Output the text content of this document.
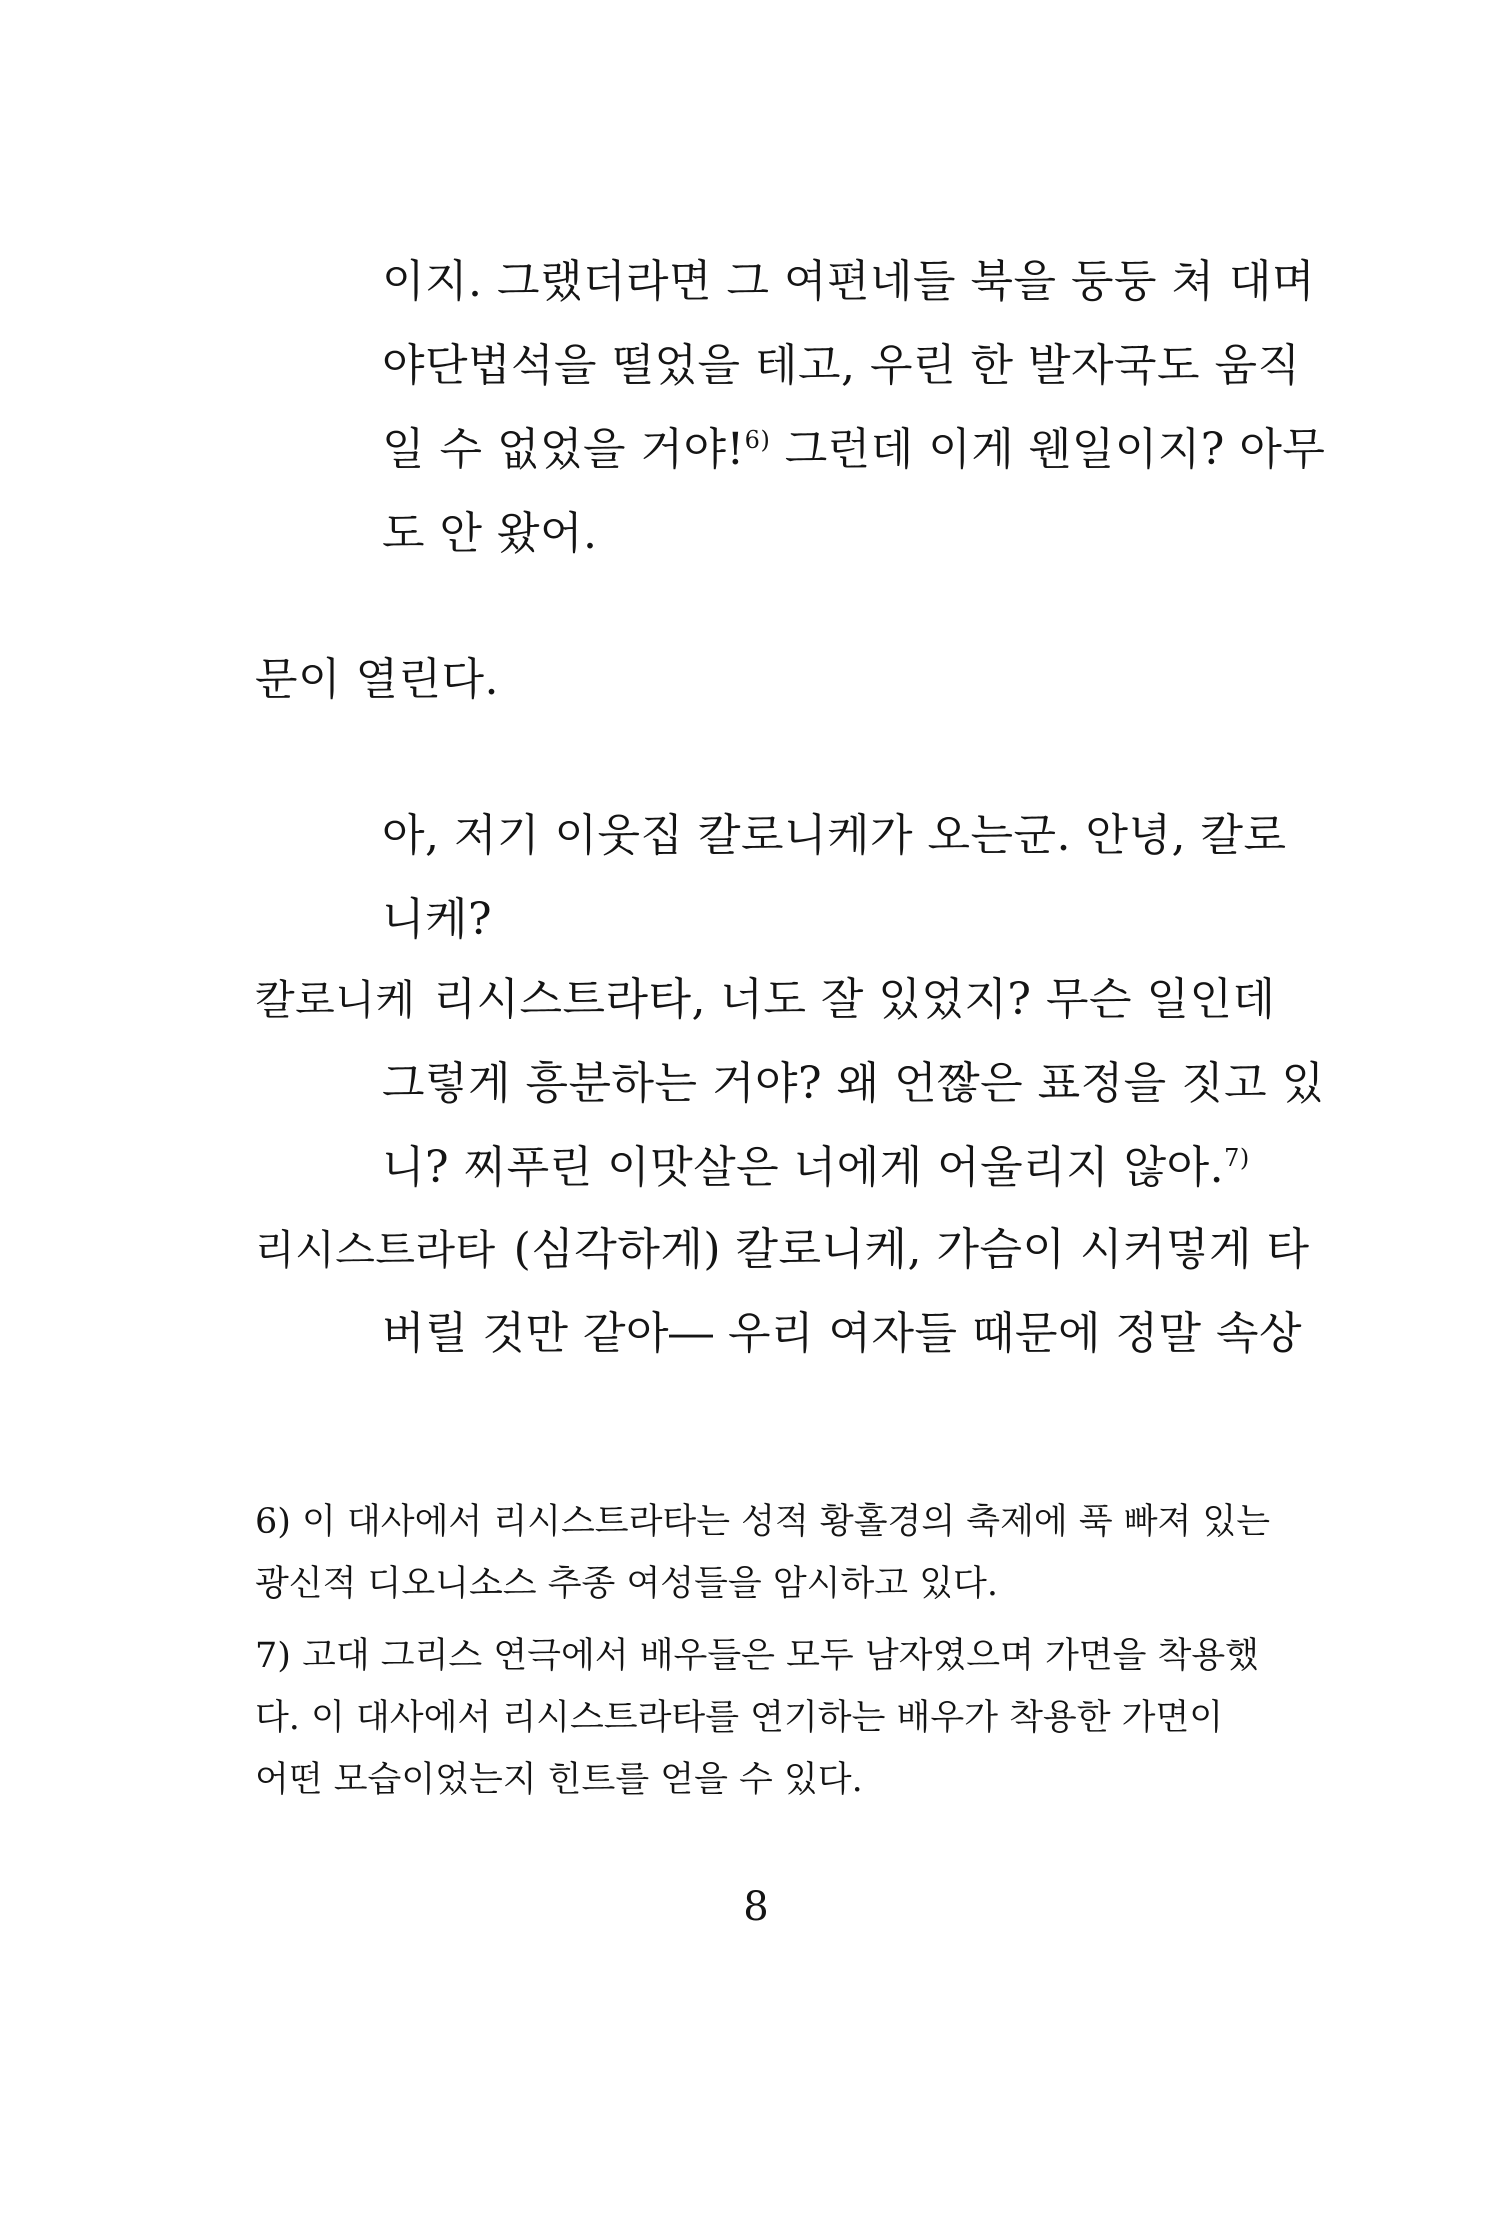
이지. 그랬더라면 그 여편네들 북을 둥둥 쳐 대며
야단법석을 떨었을 테고, 우린 한 발자국도 움직
일 수 없었을 거야!$^{6)}$ 그런데 이게 웬일이지? 아무
도 안 왔어.
문이 열린다.
아, 저기 이웃집 칼로니케가 오는군. 안녕, 칼로
니케?
칼로니케 리시스트라타, 너도 잘 있었지? 무슨 일인데
그렇게 흥분하는 거야? 왜 언짢은 표정을 짓고 있
니? 찌푸린 이맛살은 너에게 어울리지 않아.$^{7)}$
리시스트라타 (심각하게) 칼로니케, 가슴이 시커멓게 타
버릴 것만 같아― 우리 여자들 때문에 정말 속상
6) 이 대사에서 리시스트라타는 성적 황홀경의 축제에 푹 빠져 있는
광신적 디오니소스 추종 여성들을 암시하고 있다.
7) 고대 그리스 연극에서 배우들은 모두 남자였으며 가면을 착용했
다. 이 대사에서 리시스트라타를 연기하는 배우가 착용한 가면이
어떤 모습이었는지 힌트를 얻을 수 있다.
8
